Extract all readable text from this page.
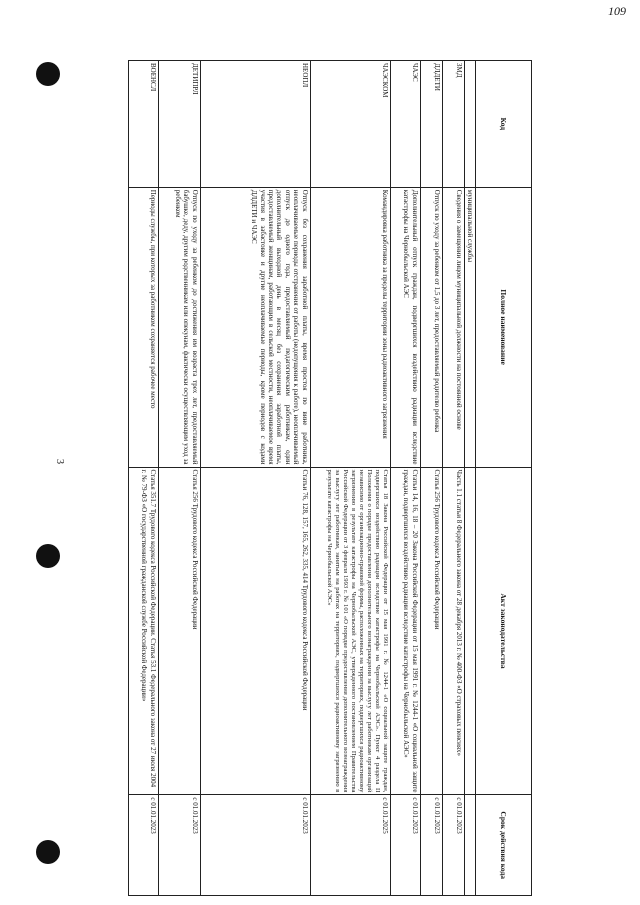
109
3
Код	Полное наименование	Акт законодательства	Срок действия кода
	муниципальной службы		
ЗМД	Сведения о замещении лицом муниципальной должности на постоянной основе	Часть 1.1 статьи 8 Федерального закона от 28 декабря 2013 г. № 400-ФЗ «О страховых пенсиях»	с 01.01.2023
ДЛДЕТИ	Отпуск по уходу за ребенком от 1,5 до 3 лет, предоставляемый родителю ребенка	Статья 256 Трудового кодекса Российской Федерации	с 01.01.2023
ЧАЭС	Дополнительный отпуск граждан, подвергшихся воздействию радиации вследствие катастрофы на Чернобыльской АЭС	Статьи 14, 16, 18 – 20 Закона Российской Федерации от 15 мая 1991 г. № 1244-1 «О социальной защите граждан, подвергшихся воздействию радиации вследствие катастрофы на Чернобыльской АЭС»	с 01.01.2023
ЧАЭСКОМ	Командировка работника за пределы территории зоны радиоактивного загрязнения	Статья 18 Закона Российской Федерации от 15 мая 1991 г. № 1244-1 «О социальной защите граждан, подвергшихся воздействию радиации вследствие катастрофы на Чернобыльской АЭС». Пункт 4 раздела II Положения о порядке предоставления дополнительного вознаграждения за выслугу лет работникам организаций независимо от организационно-правовой формы, расположенных на территориях, подвергшихся радиоактивному загрязнению в результате катастрофы на Чернобыльской АЭС, утвержденного постановлением Правительства Российской Федерации от 3 февраля 1993 г. № 101 «О порядке предоставления дополнительного вознаграждения за выслугу лет работникам, занятым на работах на территориях, подвергшихся радиоактивному загрязнению в результате катастрофы на Чернобыльской АЭС»	с 01.01.2025
НЕОПЛ	Отпуск без сохранения заработной платы, время простоя по вине работника, неоплачиваемые периоды отстранения от работы (недопущения к работе), неоплачиваемый отпуск до одного года, предоставляемый педагогическим работникам, один дополнительный выходной день в месяц без сохранения заработной платы, предоставляемый женщинам, работающим в сельской местности, неоплачиваемое время участия в забастовке и другие неоплачиваемые периоды, кроме периодов с кодами ДЛДЕТИ и ЧАЭС	Статьи 76, 128, 157, 165, 262, 335, 414 Трудового кодекса Российской Федерации	с 01.01.2023
ДЕТИПРЛ	Отпуск по уходу за ребенком до достижения им возраста трех лет, предоставляемый бабушке, деду, другим родственникам или опекунам, фактически осуществляющим уход за ребенком	Статья 256 Трудового кодекса Российской Федерации	с 01.01.2023
ВОЕНСЛ	Периоды службы, при которых за работником сохраняется рабочее место	Статья 351.7 Трудового кодекса Российской Федерации. Статья 53.1 Федерального закона от 27 июля 2004 г. № 79-ФЗ «О государственной гражданской службе Российской Федерации»	с 01.01.2023
